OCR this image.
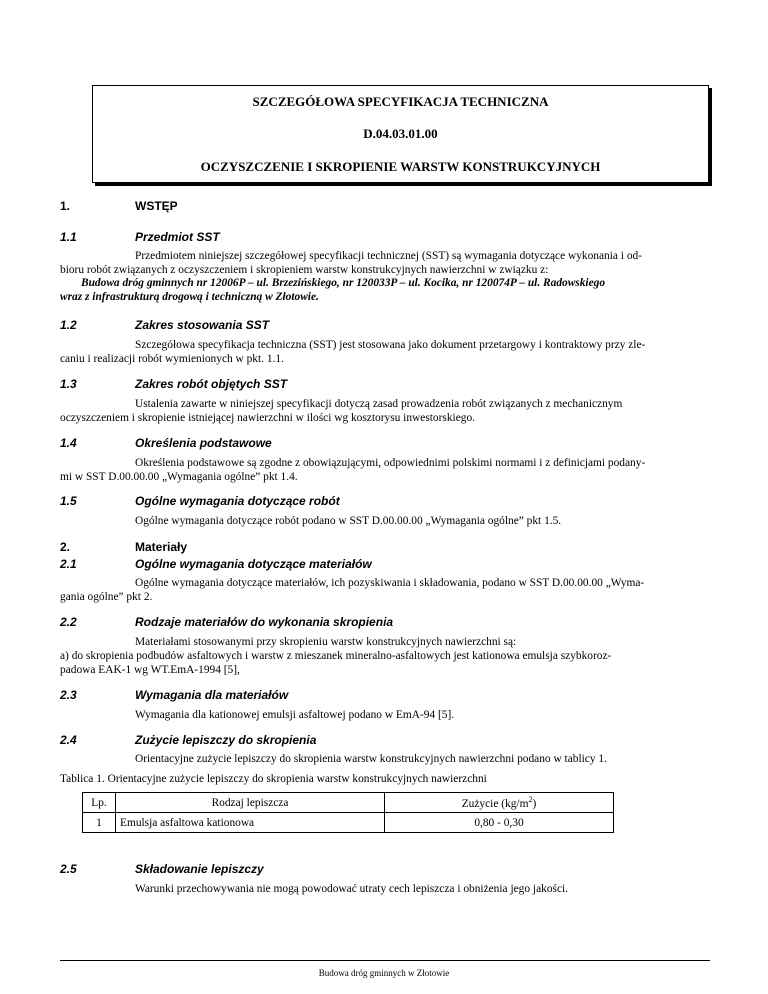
SZCZEGÓŁOWA SPECYFIKACJA TECHNICZNA
D.04.03.01.00
OCZYSZCZENIE I SKROPIENIE WARSTW KONSTRUKCYJNYCH
1.	WSTĘP
1.1	Przedmiot SST
Przedmiotem niniejszej szczegółowej specyfikacji technicznej (SST) są wymagania dotyczące wykonania i od-
bioru robót związanych z oczyszczeniem i skropieniem warstw konstrukcyjnych nawierzchni w związku z:
Budowa dróg gminnych nr 12006P – ul. Brzezińskiego, nr 120033P – ul. Kocika, nr 120074P – ul. Radowskiego
wraz z infrastrukturą drogową i techniczną w Złotowie.
1.2	Zakres stosowania SST
Szczegółowa specyfikacja techniczna (SST) jest stosowana jako dokument przetargowy i kontraktowy przy zle-
caniu i realizacji robót wymienionych w pkt. 1.1.
1.3	Zakres robót objętych SST
Ustalenia zawarte w niniejszej specyfikacji dotyczą zasad prowadzenia robót związanych z mechanicznym
oczyszczeniem i skropienie istniejącej nawierzchni w ilości wg kosztorysu inwestorskiego.
1.4	Określenia podstawowe
Określenia podstawowe są zgodne z obowiązującymi, odpowiednimi polskimi normami i z definicjami podany-
mi w SST D.00.00.00 „Wymagania ogólne” pkt 1.4.
1.5	Ogólne wymagania dotyczące robót
Ogólne wymagania dotyczące robót podano w SST D.00.00.00 „Wymagania ogólne” pkt 1.5.
2.	Materiały
2.1	Ogólne wymagania dotyczące materiałów
Ogólne wymagania dotyczące materiałów, ich pozyskiwania i składowania, podano w SST D.00.00.00 „Wyma-
gania ogólne” pkt 2.
2.2	Rodzaje materiałów do wykonania skropienia
Materiałami stosowanymi przy skropieniu warstw konstrukcyjnych nawierzchni są:
a) do skropienia podbudów asfaltowych i warstw z mieszanek mineralno-asfaltowych jest kationowa emulsja szybkoroz-
padowa EAK-1 wg WT.EmA-1994 [5],
2.3	Wymagania dla materiałów
Wymagania dla kationowej emulsji asfaltowej podano w EmA-94 [5].
2.4	Zużycie lepiszczy do skropienia
Orientacyjne zużycie lepiszczy do skropienia warstw konstrukcyjnych nawierzchni podano w tablicy 1.
Tablica 1. Orientacyjne zużycie lepiszczy do skropienia warstw konstrukcyjnych nawierzchni
Lp.	Rodzaj lepiszcza	Zużycie $(kg/m^2)$
1	Emulsja asfaltowa kationowa	0,80 - 0,30
2.5	Składowanie lepiszczy
Warunki przechowywania nie mogą powodować utraty cech lepiszcza i obniżenia jego jakości.
Budowa dróg gminnych w Złotowie
